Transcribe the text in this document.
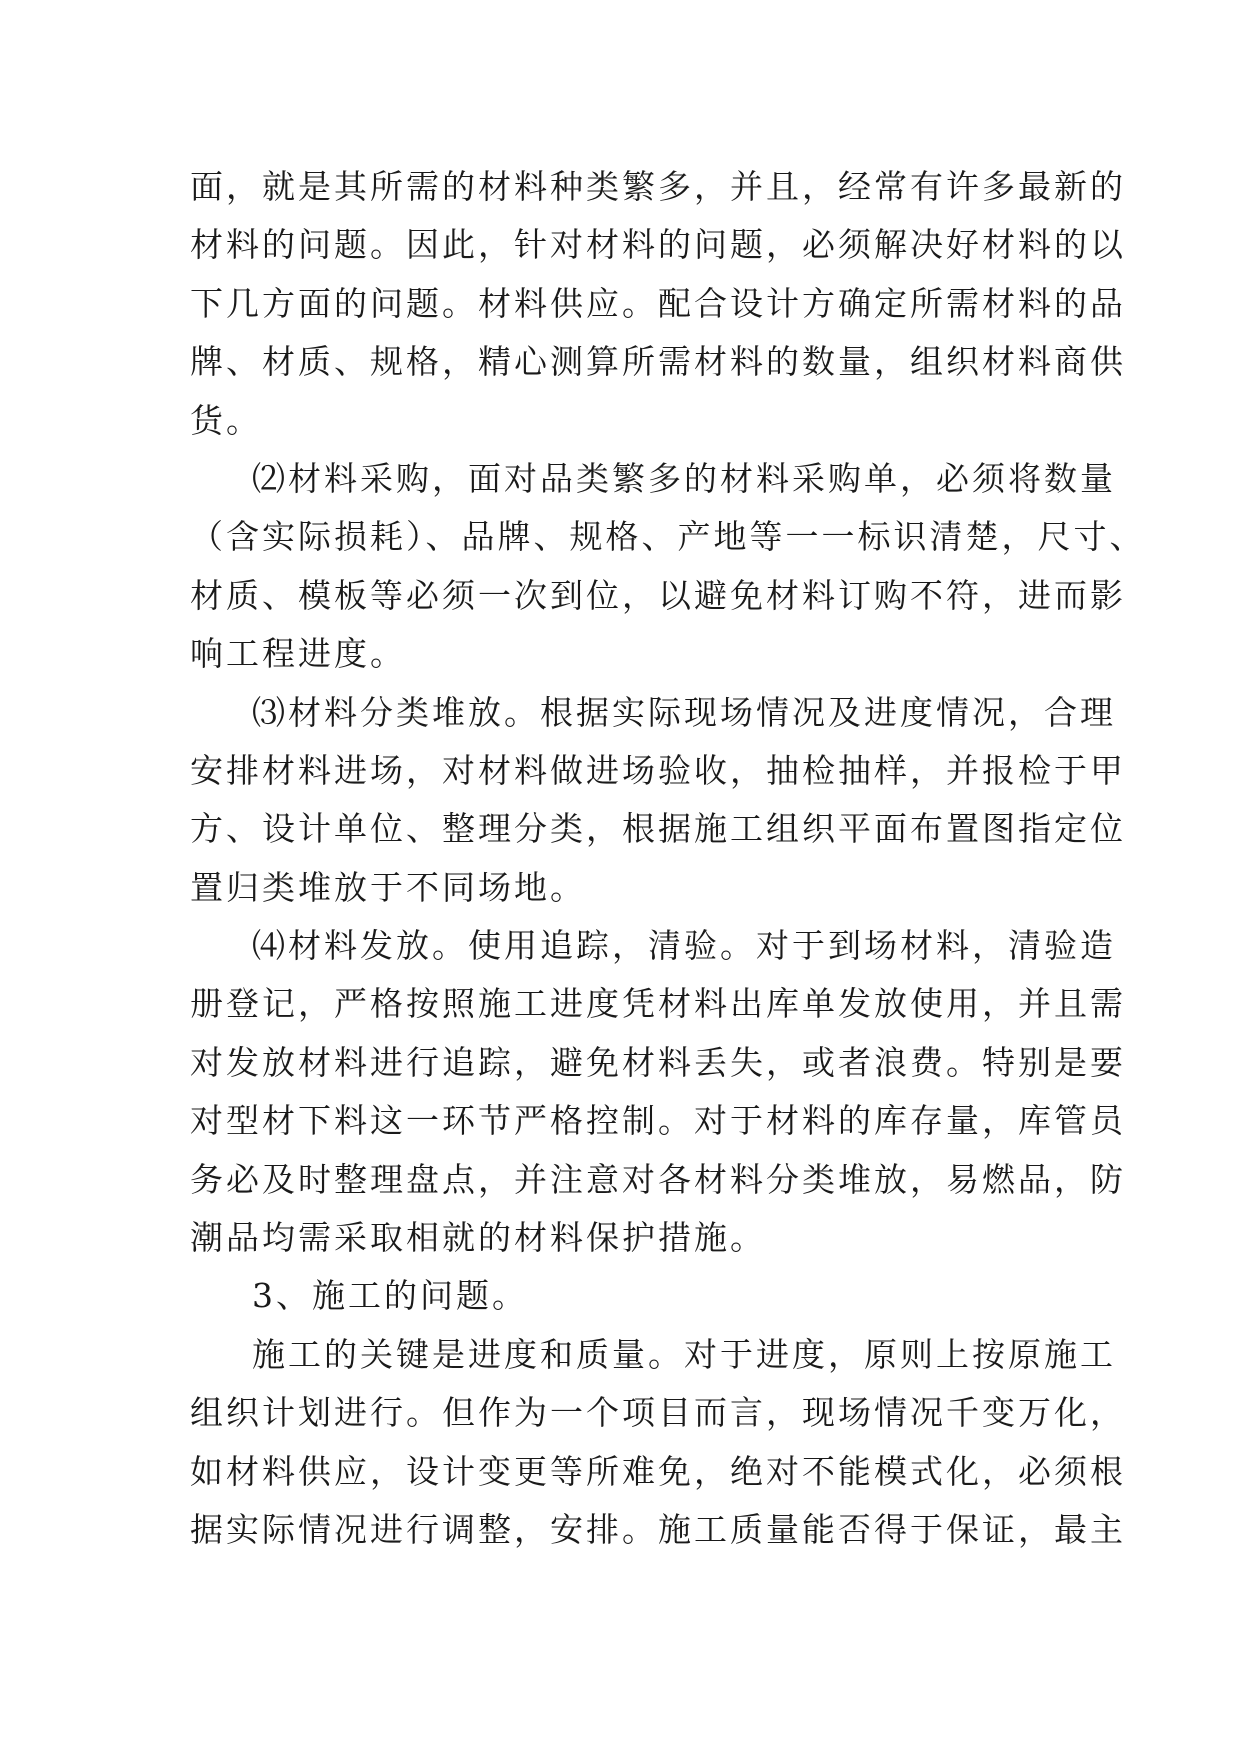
面，就是其所需的材料种类繁多，并且，经常有许多最新的
材料的问题。因此，针对材料的问题，必须解决好材料的以
下几方面的问题。材料供应。配合设计方确定所需材料的品
牌、材质、规格，精心测算所需材料的数量，组织材料商供
货。
⑵材料采购，面对品类繁多的材料采购单，必须将数量
（含实际损耗）、品牌、规格、产地等一一标识清楚，尺寸、
材质、模板等必须一次到位，以避免材料订购不符，进而影
响工程进度。
⑶材料分类堆放。根据实际现场情况及进度情况，合理
安排材料进场，对材料做进场验收，抽检抽样，并报检于甲
方、设计单位、整理分类，根据施工组织平面布置图指定位
置归类堆放于不同场地。
⑷材料发放。使用追踪，清验。对于到场材料，清验造
册登记，严格按照施工进度凭材料出库单发放使用，并且需
对发放材料进行追踪，避免材料丢失，或者浪费。特别是要
对型材下料这一环节严格控制。对于材料的库存量，库管员
务必及时整理盘点，并注意对各材料分类堆放，易燃品，防
潮品均需采取相就的材料保护措施。
3、施工的问题。
施工的关键是进度和质量。对于进度，原则上按原施工
组织计划进行。但作为一个项目而言，现场情况千变万化，
如材料供应，设计变更等所难免，绝对不能模式化，必须根
据实际情况进行调整，安排。施工质量能否得于保证，最主
